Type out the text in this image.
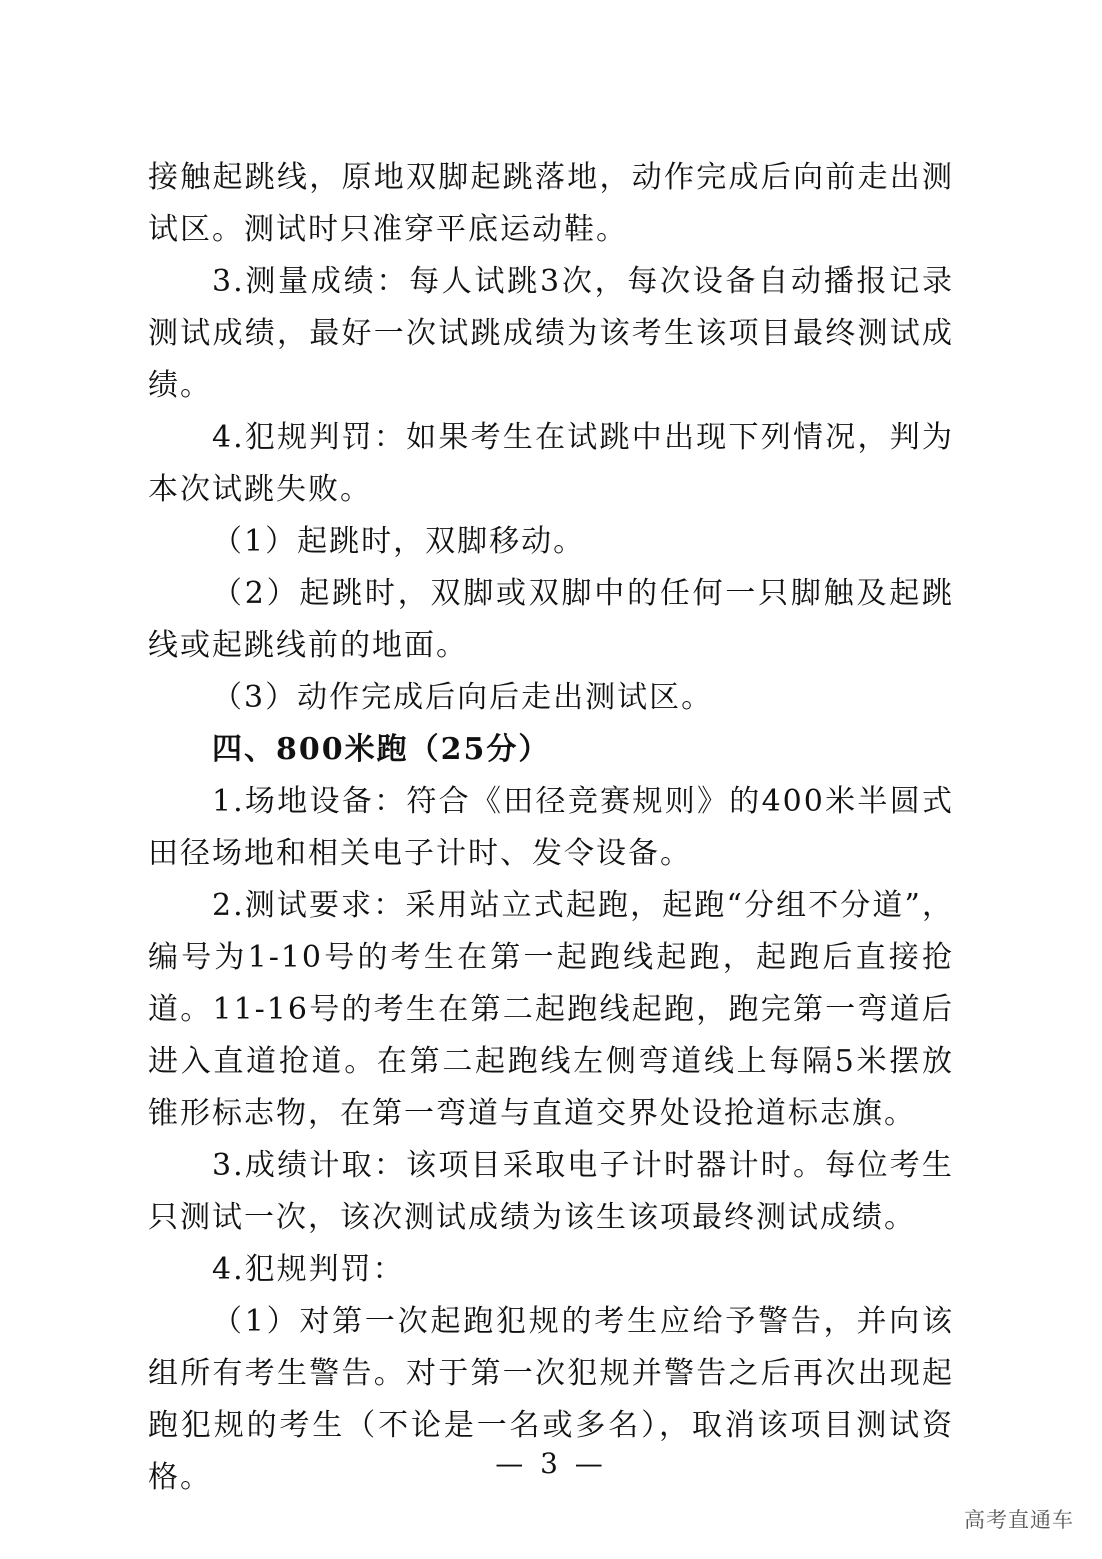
接触起跳线，原地双脚起跳落地，动作完成后向前走出测试区。测试时只准穿平底运动鞋。

3.测量成绩：每人试跳3次，每次设备自动播报记录测试成绩，最好一次试跳成绩为该考生该项目最终测试成绩。

4.犯规判罚：如果考生在试跳中出现下列情况，判为本次试跳失败。

（1）起跳时，双脚移动。

（2）起跳时，双脚或双脚中的任何一只脚触及起跳线或起跳线前的地面。

（3）动作完成后向后走出测试区。

四、800米跑（25分）

1.场地设备：符合《田径竞赛规则》的400米半圆式田径场地和相关电子计时、发令设备。

2.测试要求：采用站立式起跑，起跑“分组不分道”，编号为1-10号的考生在第一起跑线起跑，起跑后直接抢道。11-16号的考生在第二起跑线起跑，跑完第一弯道后进入直道抢道。在第二起跑线左侧弯道线上每隔5米摆放锥形标志物，在第一弯道与直道交界处设抢道标志旗。

3.成绩计取：该项目采取电子计时器计时。每位考生只测试一次，该次测试成绩为该生该项最终测试成绩。

4.犯规判罚：

（1）对第一次起跑犯规的考生应给予警告，并向该组所有考生警告。对于第一次犯规并警告之后再次出现起跑犯规的考生（不论是一名或多名），取消该项目测试资格。	— 3 —
高考直通车
